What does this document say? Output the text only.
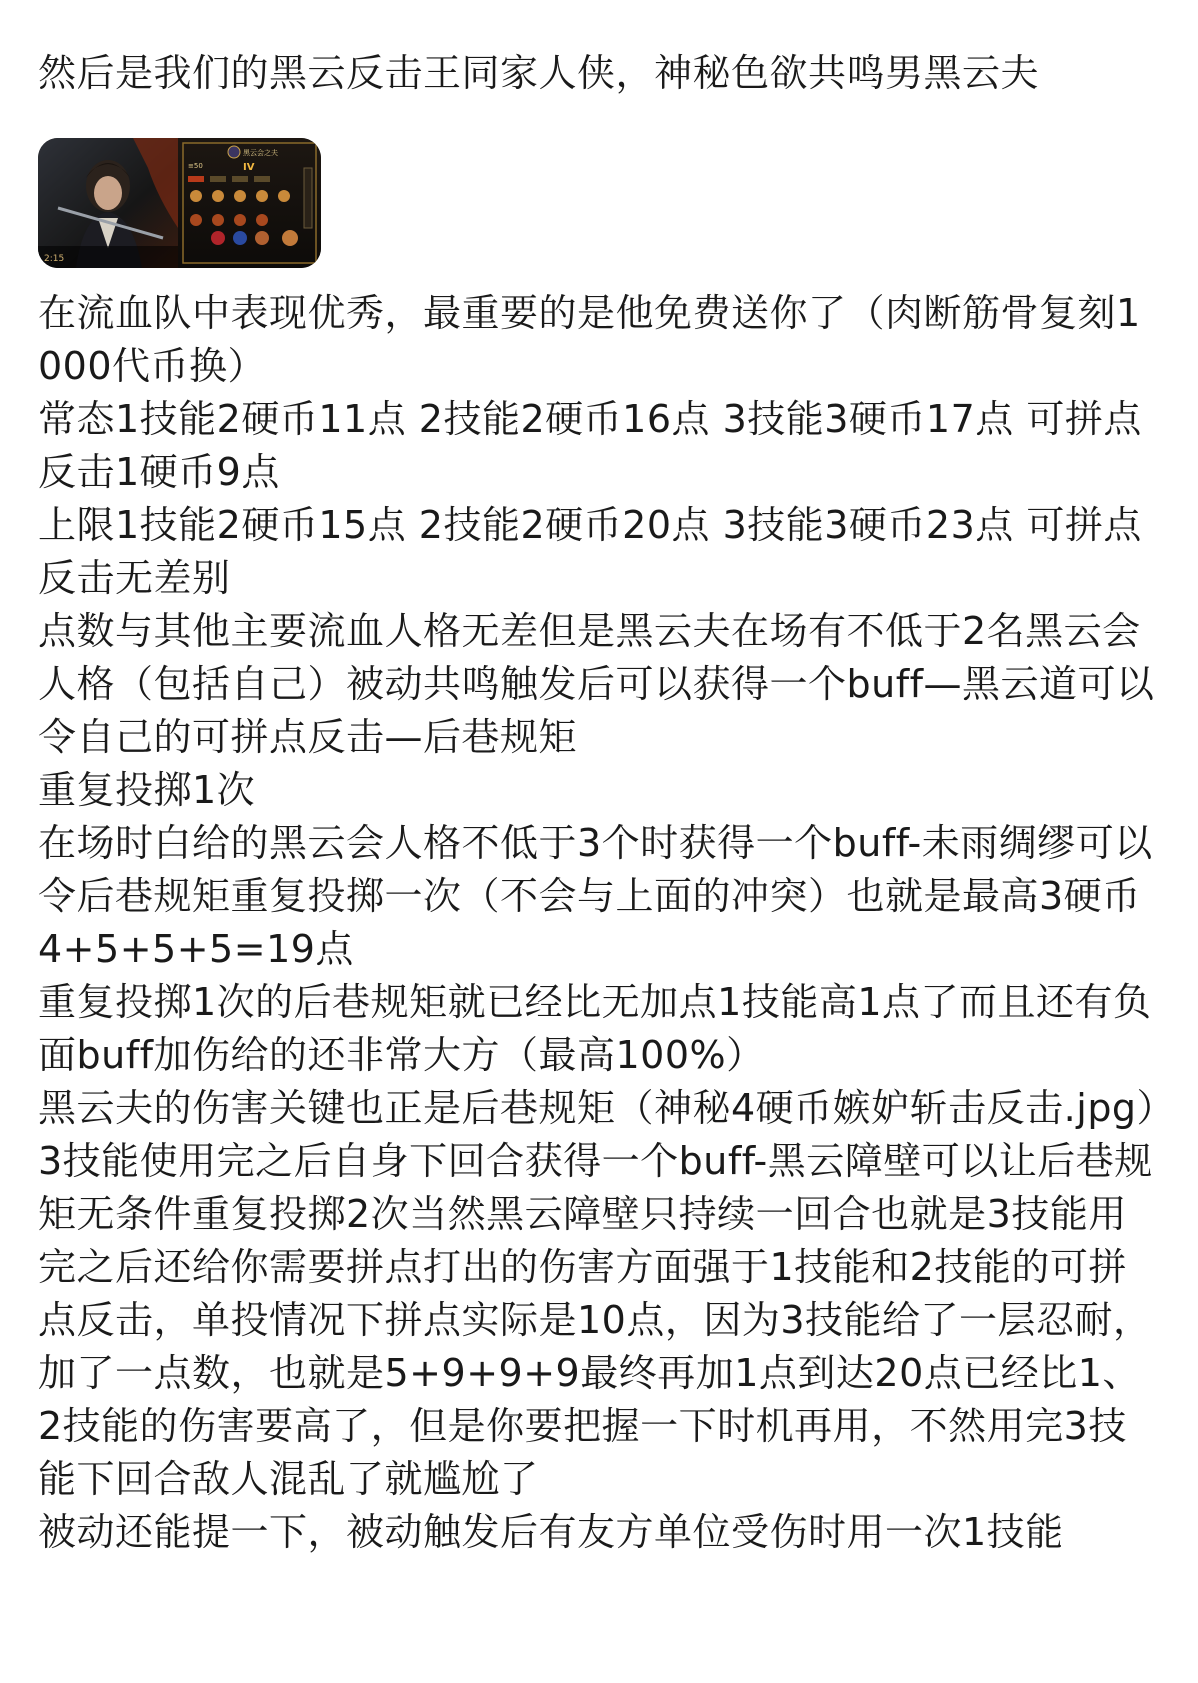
然后是我们的黑云反击王同家人侠，神秘色欲共鸣男黑云夫
2:15
黑云会之夫
≡50	IV

在流血队中表现优秀，最重要的是他免费送你了（肉断筋骨复刻1000代币换）

常态1技能2硬币11点 2技能2硬币16点 3技能3硬币17点 可拼点反击1硬币9点

上限1技能2硬币15点 2技能2硬币20点 3技能3硬币23点 可拼点反击无差别

点数与其他主要流血人格无差但是黑云夫在场有不低于2名黑云会人格（包括自己）被动共鸣触发后可以获得一个buff—黑云道可以令自己的可拼点反击—后巷规矩

重复投掷1次

在场时白给的黑云会人格不低于3个时获得一个buff-未雨绸缪可以令后巷规矩重复投掷一次（不会与上面的冲突）也就是最高3硬币4+5+5+5=19点

重复投掷1次的后巷规矩就已经比无加点1技能高1点了而且还有负面buff加伤给的还非常大方（最高100%）

黑云夫的伤害关键也正是后巷规矩（神秘4硬币嫉妒斩击反击.jpg）

3技能使用完之后自身下回合获得一个buff-黑云障壁可以让后巷规矩无条件重复投掷2次当然黑云障壁只持续一回合也就是3技能用完之后还给你需要拼点打出的伤害方面强于1技能和2技能的可拼点反击，单投情况下拼点实际是10点，因为3技能给了一层忍耐，加了一点数，也就是5+9+9+9最终再加1点到达20点已经比1、2技能的伤害要高了，但是你要把握一下时机再用，不然用完3技能下回合敌人混乱了就尴尬了

被动还能提一下，被动触发后有友方单位受伤时用一次1技能
